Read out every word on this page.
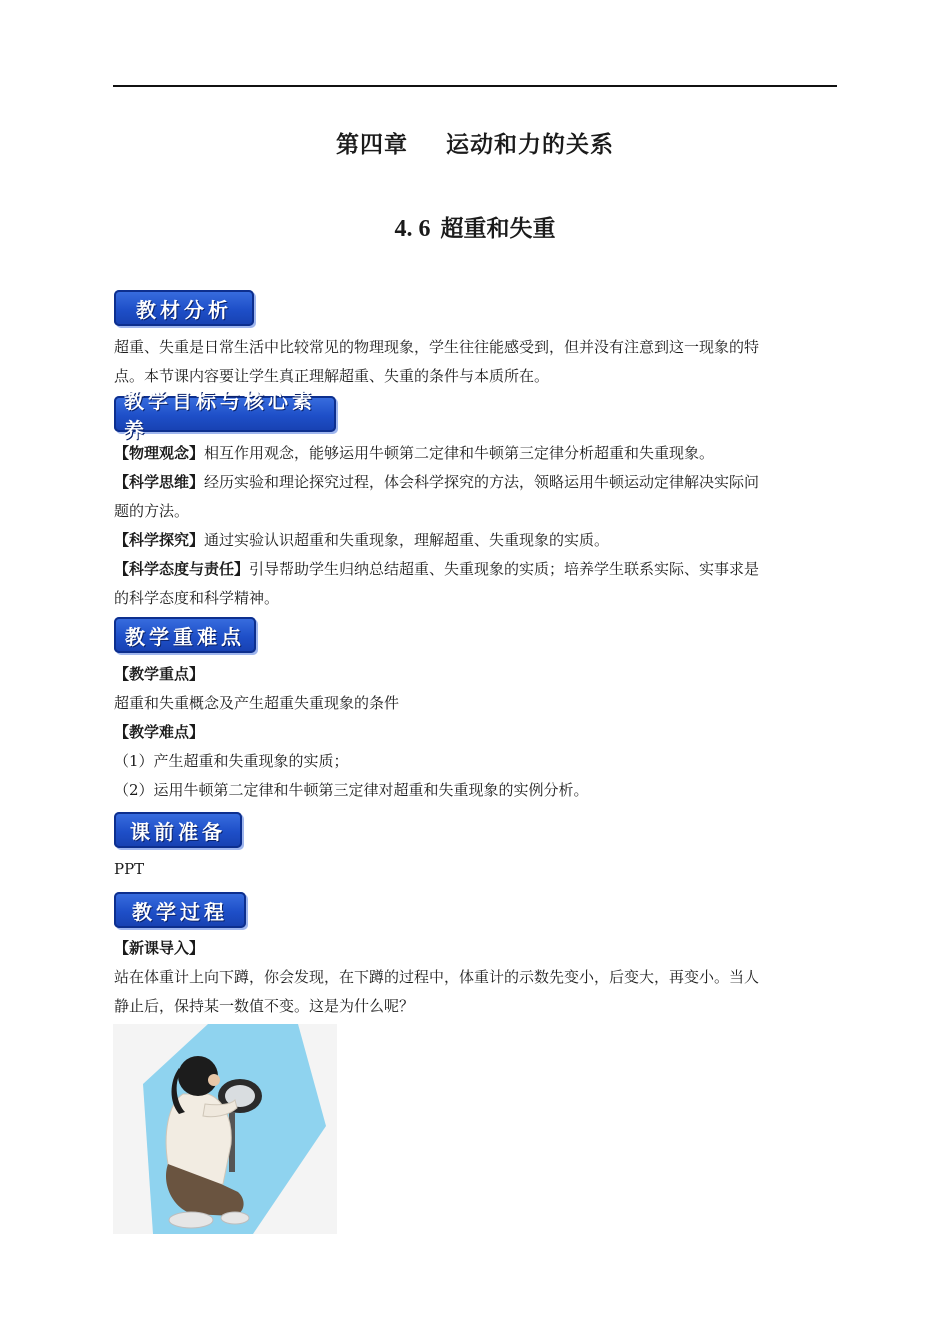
第四章 运动和力的关系
4. 6 超重和失重
教材分析
超重、失重是日常生活中比较常见的物理现象，学生往往能感受到，但并没有注意到这一现象的特
点。本节课内容要让学生真正理解超重、失重的条件与本质所在。
教学目标与核心素养
【物理观念】相互作用观念，能够运用牛顿第二定律和牛顿第三定律分析超重和失重现象。
【科学思维】经历实验和理论探究过程，体会科学探究的方法，领略运用牛顿运动定律解决实际问
题的方法。
【科学探究】通过实验认识超重和失重现象，理解超重、失重现象的实质。
【科学态度与责任】引导帮助学生归纳总结超重、失重现象的实质；培养学生联系实际、实事求是
的科学态度和科学精神。
教学重难点
【教学重点】
超重和失重概念及产生超重失重现象的条件
【教学难点】
（1）产生超重和失重现象的实质；
（2）运用牛顿第二定律和牛顿第三定律对超重和失重现象的实例分析。
课前准备
PPT
教学过程
【新课导入】
站在体重计上向下蹲，你会发现，在下蹲的过程中，体重计的示数先变小，后变大，再变小。当人
静止后，保持某一数值不变。这是为什么呢？
